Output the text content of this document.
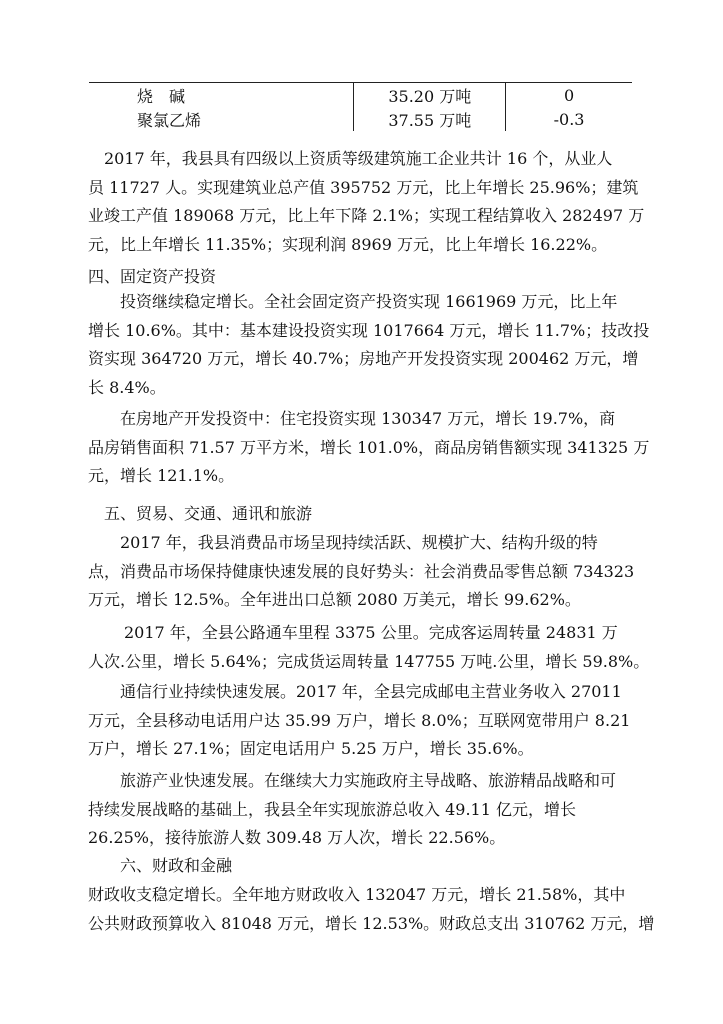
烧　碱	35.20 万吨	0
聚氯乙烯	37.55 万吨	-0.3

2017 年，我县具有四级以上资质等级建筑施工企业共计 16 个，从业人
员 11727 人。实现建筑业总产值 395752 万元，比上年增长 25.96%；建筑
业竣工产值 189068 万元，比上年下降 2.1%；实现工程结算收入 282497 万
元，比上年增长 11.35%；实现利润 8969 万元，比上年增长 16.22%。

四、固定资产投资

投资继续稳定增长。全社会固定资产投资实现 1661969 万元，比上年
增长 10.6%。其中：基本建设投资实现 1017664 万元，增长 11.7%；技改投
资实现 364720 万元，增长 40.7%；房地产开发投资实现 200462 万元，增
长 8.4%。

在房地产开发投资中：住宅投资实现 130347 万元，增长 19.7%，商
品房销售面积 71.57 万平方米，增长 101.0%，商品房销售额实现 341325 万
元，增长 121.1%。

五、贸易、交通、通讯和旅游

2017 年，我县消费品市场呈现持续活跃、规模扩大、结构升级的特
点，消费品市场保持健康快速发展的良好势头：社会消费品零售总额 734323
万元，增长 12.5%。全年进出口总额 2080 万美元，增长 99.62%。

2017 年，全县公路通车里程 3375 公里。完成客运周转量 24831 万
人次.公里，增长 5.64%；完成货运周转量 147755 万吨.公里，增长 59.8%。

通信行业持续快速发展。2017 年，全县完成邮电主营业务收入 27011
万元，全县移动电话用户达 35.99 万户，增长 8.0%；互联网宽带用户 8.21
万户，增长 27.1%；固定电话用户 5.25 万户，增长 35.6%。

旅游产业快速发展。在继续大力实施政府主导战略、旅游精品战略和可
持续发展战略的基础上，我县全年实现旅游总收入 49.11 亿元，增长
26.25%，接待旅游人数 309.48 万人次，增长 22.56%。

六、财政和金融

财政收支稳定增长。全年地方财政收入 132047 万元，增长 21.58%，其中
公共财政预算收入 81048 万元，增长 12.53%。财政总支出 310762 万元，增
